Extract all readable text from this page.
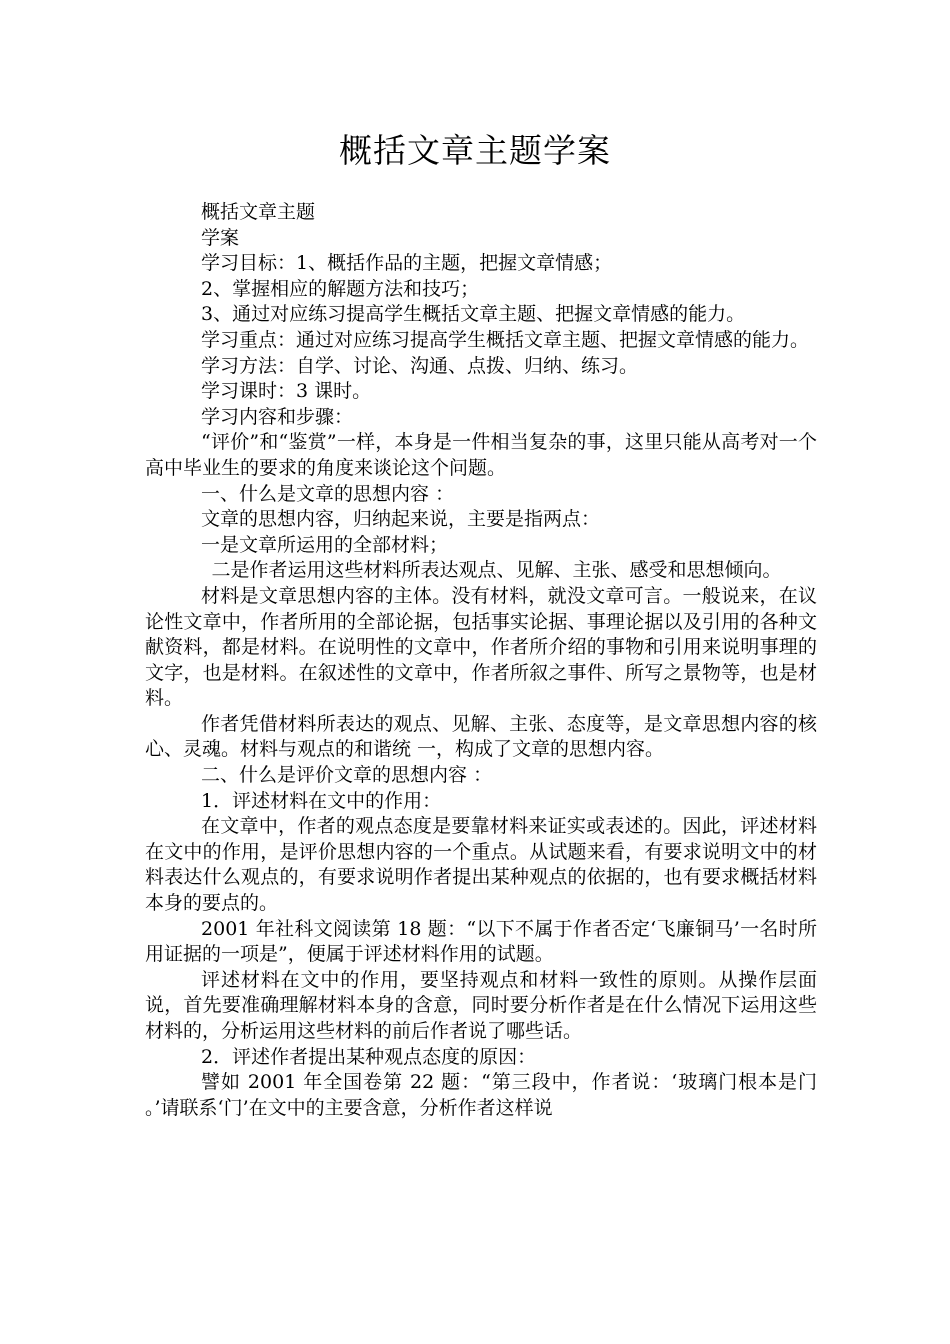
概括文章主题学案

概括文章主题

学案

学习目标：1、概括作品的主题，把握文章情感；

2、掌握相应的解题方法和技巧；

3、通过对应练习提高学生概括文章主题、把握文章情感的能力。

学习重点：通过对应练习提高学生概括文章主题、把握文章情感的能力。

学习方法：自学、讨论、沟通、点拨、归纳、练习。

学习课时：3 课时。

学习内容和步骤：

“评价”和“鉴赏”一样，本身是一件相当复杂的事，这里只能从高考对一个高中毕业生的要求的角度来谈论这个问题。

一、什么是文章的思想内容 ：

文章的思想内容，归纳起来说，主要是指两点：

一是文章所运用的全部材料；

二是作者运用这些材料所表达观点、见解、主张、感受和思想倾向。

材料是文章思想内容的主体。没有材料，就没文章可言。一般说来，在议论性文章中，作者所用的全部论据，包括事实论据、事理论据以及引用的各种文献资料，都是材料。在说明性的文章中，作者所介绍的事物和引用来说明事理的文字，也是材料。在叙述性的文章中，作者所叙之事件、所写之景物等，也是材料。

作者凭借材料所表达的观点、见解、主张、态度等，是文章思想内容的核心、灵魂。材料与观点的和谐统 一，构成了文章的思想内容。

二、什么是评价文章的思想内容 ：

1．评述材料在文中的作用：

在文章中，作者的观点态度是要靠材料来证实或表述的。因此，评述材料在文中的作用，是评价思想内容的一个重点。从试题来看，有要求说明文中的材料表达什么观点的，有要求说明作者提出某种观点的依据的，也有要求概括材料本身的要点的。

2001 年社科文阅读第 18 题：“以下不属于作者否定‘飞廉铜马’一名时所用证据的一项是”，便属于评述材料作用的试题。

评述材料在文中的作用，要坚持观点和材料一致性的原则。从操作层面说，首先要准确理解材料本身的含意，同时要分析作者是在什么情况下运用这些材料的，分析运用这些材料的前后作者说了哪些话。

2．评述作者提出某种观点态度的原因：

譬如 2001 年全国卷第 22 题：“第三段中，作者说：‘玻璃门根本是门 。’请联系‘门’在文中的主要含意，分析作者这样说
